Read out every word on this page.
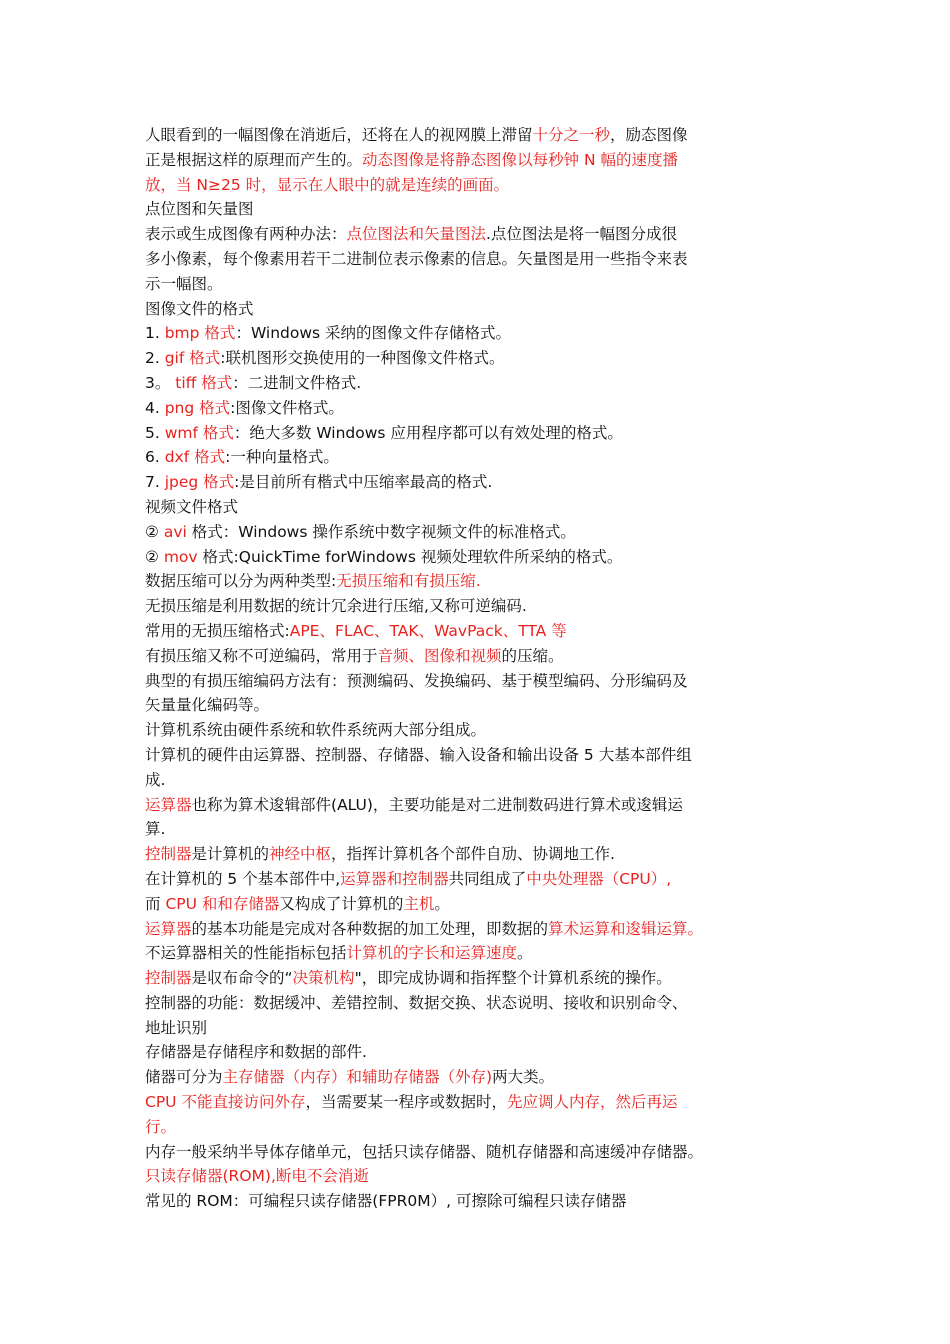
人眼看到的一幅图像在消逝后，还将在人的视网膜上滞留十分之一秒，励态图像
正是根据这样的原理而产生的。动态图像是将静态图像以每秒钟 N 幅的速度播
放，当 N≥25 时，显示在人眼中的就是连续的画面。
点位图和矢量图
表示或生成图像有两种办法：点位图法和矢量图法.点位图法是将一幅图分成很
多小像素，每个像素用若干二进制位表示像素的信息。矢量图是用一些指令来表
示一幅图。
图像文件的格式
1. bmp 格式：Windows 采纳的图像文件存储格式。
2. gif 格式:联机图形交换使用的一种图像文件格式。
3。 tiff 格式：二进制文件格式.
4. png 格式:图像文件格式。
5. wmf 格式：绝大多数 Windows 应用程序都可以有效处理的格式。
6. dxf 格式:一种向量格式。
7. jpeg 格式:是目前所有楷式中压缩率最高的格式.
视频文件格式
② avi 格式：Windows 操作系统中数字视频文件的标准格式。
② mov 格式:QuickTime forWindows 视频处理软件所采纳的格式。
数据压缩可以分为两种类型:无损压缩和有损压缩.
无损压缩是利用数据的统计冗余进行压缩,又称可逆编码.
常用的无损压缩格式:APE、FLAC、TAK、WavPack、TTA 等
有损压缩又称不可逆编码，常用于音频、图像和视频的压缩。
典型的有损压缩编码方法有：预测编码、发换编码、基于模型编码、分形编码及
矢量量化编码等。
计算机系统由硬件系统和软件系统两大部分组成。
计算机的硬件由运算器、控制器、存储器、输入设备和输出设备 5 大基本部件组
成.
运算器也称为算术逡辑部件(ALU)，主要功能是对二进制数码进行算术或逡辑运
算.
控制器是计算机的神经中枢，指挥计算机各个部件自劢、协调地工作.
在计算机的 5 个基本部件中,运算器和控制器共同组成了中央处理器（CPU）,
而 CPU 和和存储器又构成了计算机的主机。
运算器的基本功能是完成对各种数据的加工处理，即数据的算术运算和逡辑运算。
不运算器相关的性能指标包括计算机的字长和运算速度。
控制器是収布命令的“决策机构"，即完成协调和指挥整个计算机系统的操作。
控制器的功能：数据缓冲、差错控制、数据交换、状态说明、接收和识别命令、
地址识别
存储器是存储程序和数据的部件.
储器可分为主存储器（内存）和辅助存储器（外存)两大类。
CPU 不能直接访问外存，当需要某一程序或数据时，先应调人内存，然后再运
行。
内存一般采纳半导体存储单元，包括只读存储器、随机存储器和高速缓冲存储器。
只读存储器(ROM),断电不会消逝
常见的 ROM：可编程只读存储器(FPR0M）, 可擦除可编程只读存储器
